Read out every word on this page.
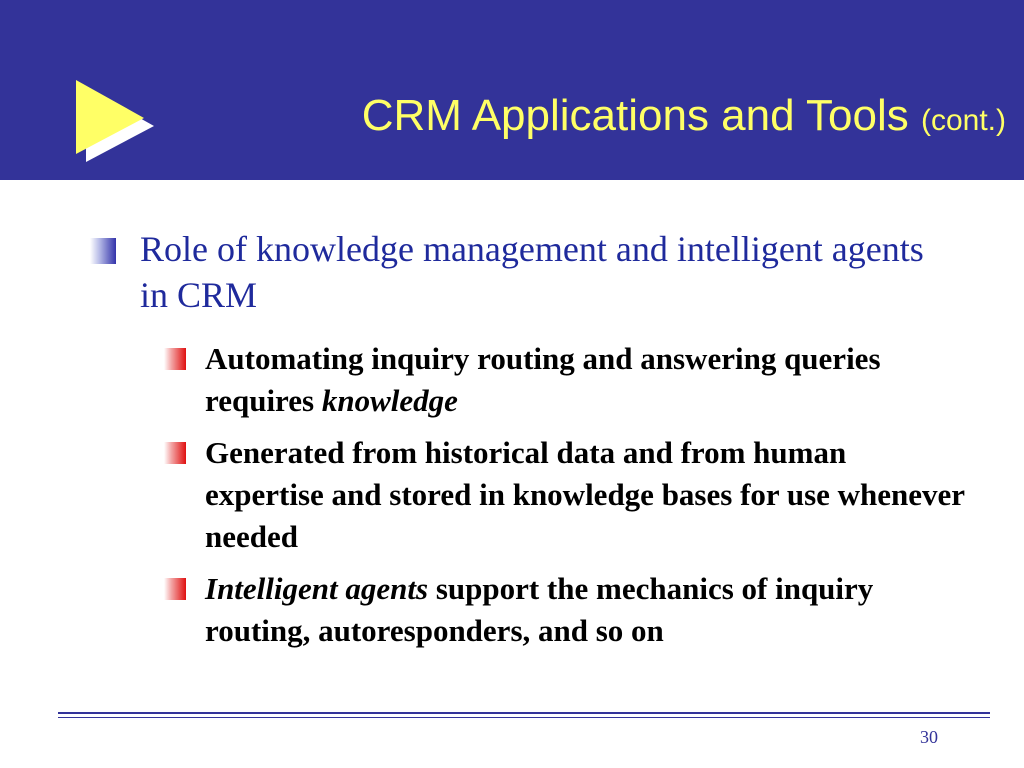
CRM Applications and Tools (cont.)

Role of knowledge management and intelligent agents in CRM

Automating inquiry routing and answering queries requires knowledge

Generated from historical data and from human expertise and stored in knowledge bases for use whenever needed

Intelligent agents support the mechanics of inquiry routing, autoresponders, and so on

30
